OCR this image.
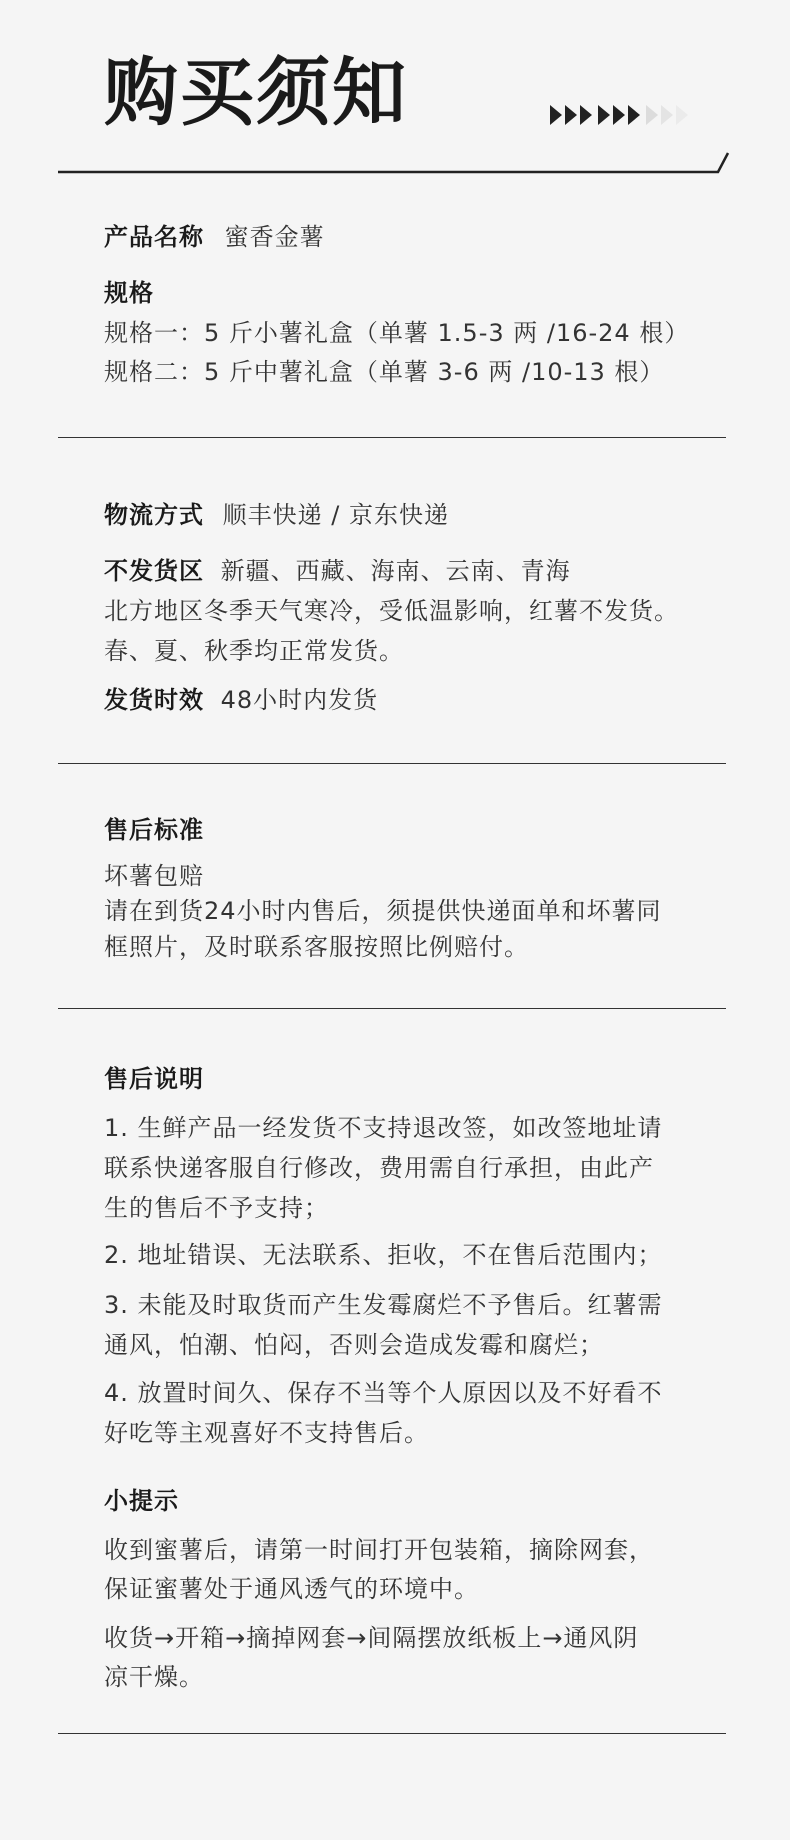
购买须知

产品名称 蜜香金薯

规格

规格一：5 斤小薯礼盒（单薯 1.5-3 两 /16-24 根）

规格二：5 斤中薯礼盒（单薯 3-6 两 /10-13 根）

物流方式 顺丰快递 / 京东快递

不发货区 新疆、西藏、海南、云南、青海

北方地区冬季天气寒冷，受低温影响，红薯不发货。

春、夏、秋季均正常发货。

发货时效 48小时内发货

售后标准

坏薯包赔

请在到货24小时内售后，须提供快递面单和坏薯同

框照片，及时联系客服按照比例赔付。

售后说明

1. 生鲜产品一经发货不支持退改签，如改签地址请

联系快递客服自行修改，费用需自行承担，由此产

生的售后不予支持；

2. 地址错误、无法联系、拒收，不在售后范围内；

3. 未能及时取货而产生发霉腐烂不予售后。红薯需

通风，怕潮、怕闷，否则会造成发霉和腐烂；

4. 放置时间久、保存不当等个人原因以及不好看不

好吃等主观喜好不支持售后。

小提示

收到蜜薯后，请第一时间打开包装箱，摘除网套，

保证蜜薯处于通风透气的环境中。

收货→开箱→摘掉网套→间隔摆放纸板上→通风阴

凉干燥。
